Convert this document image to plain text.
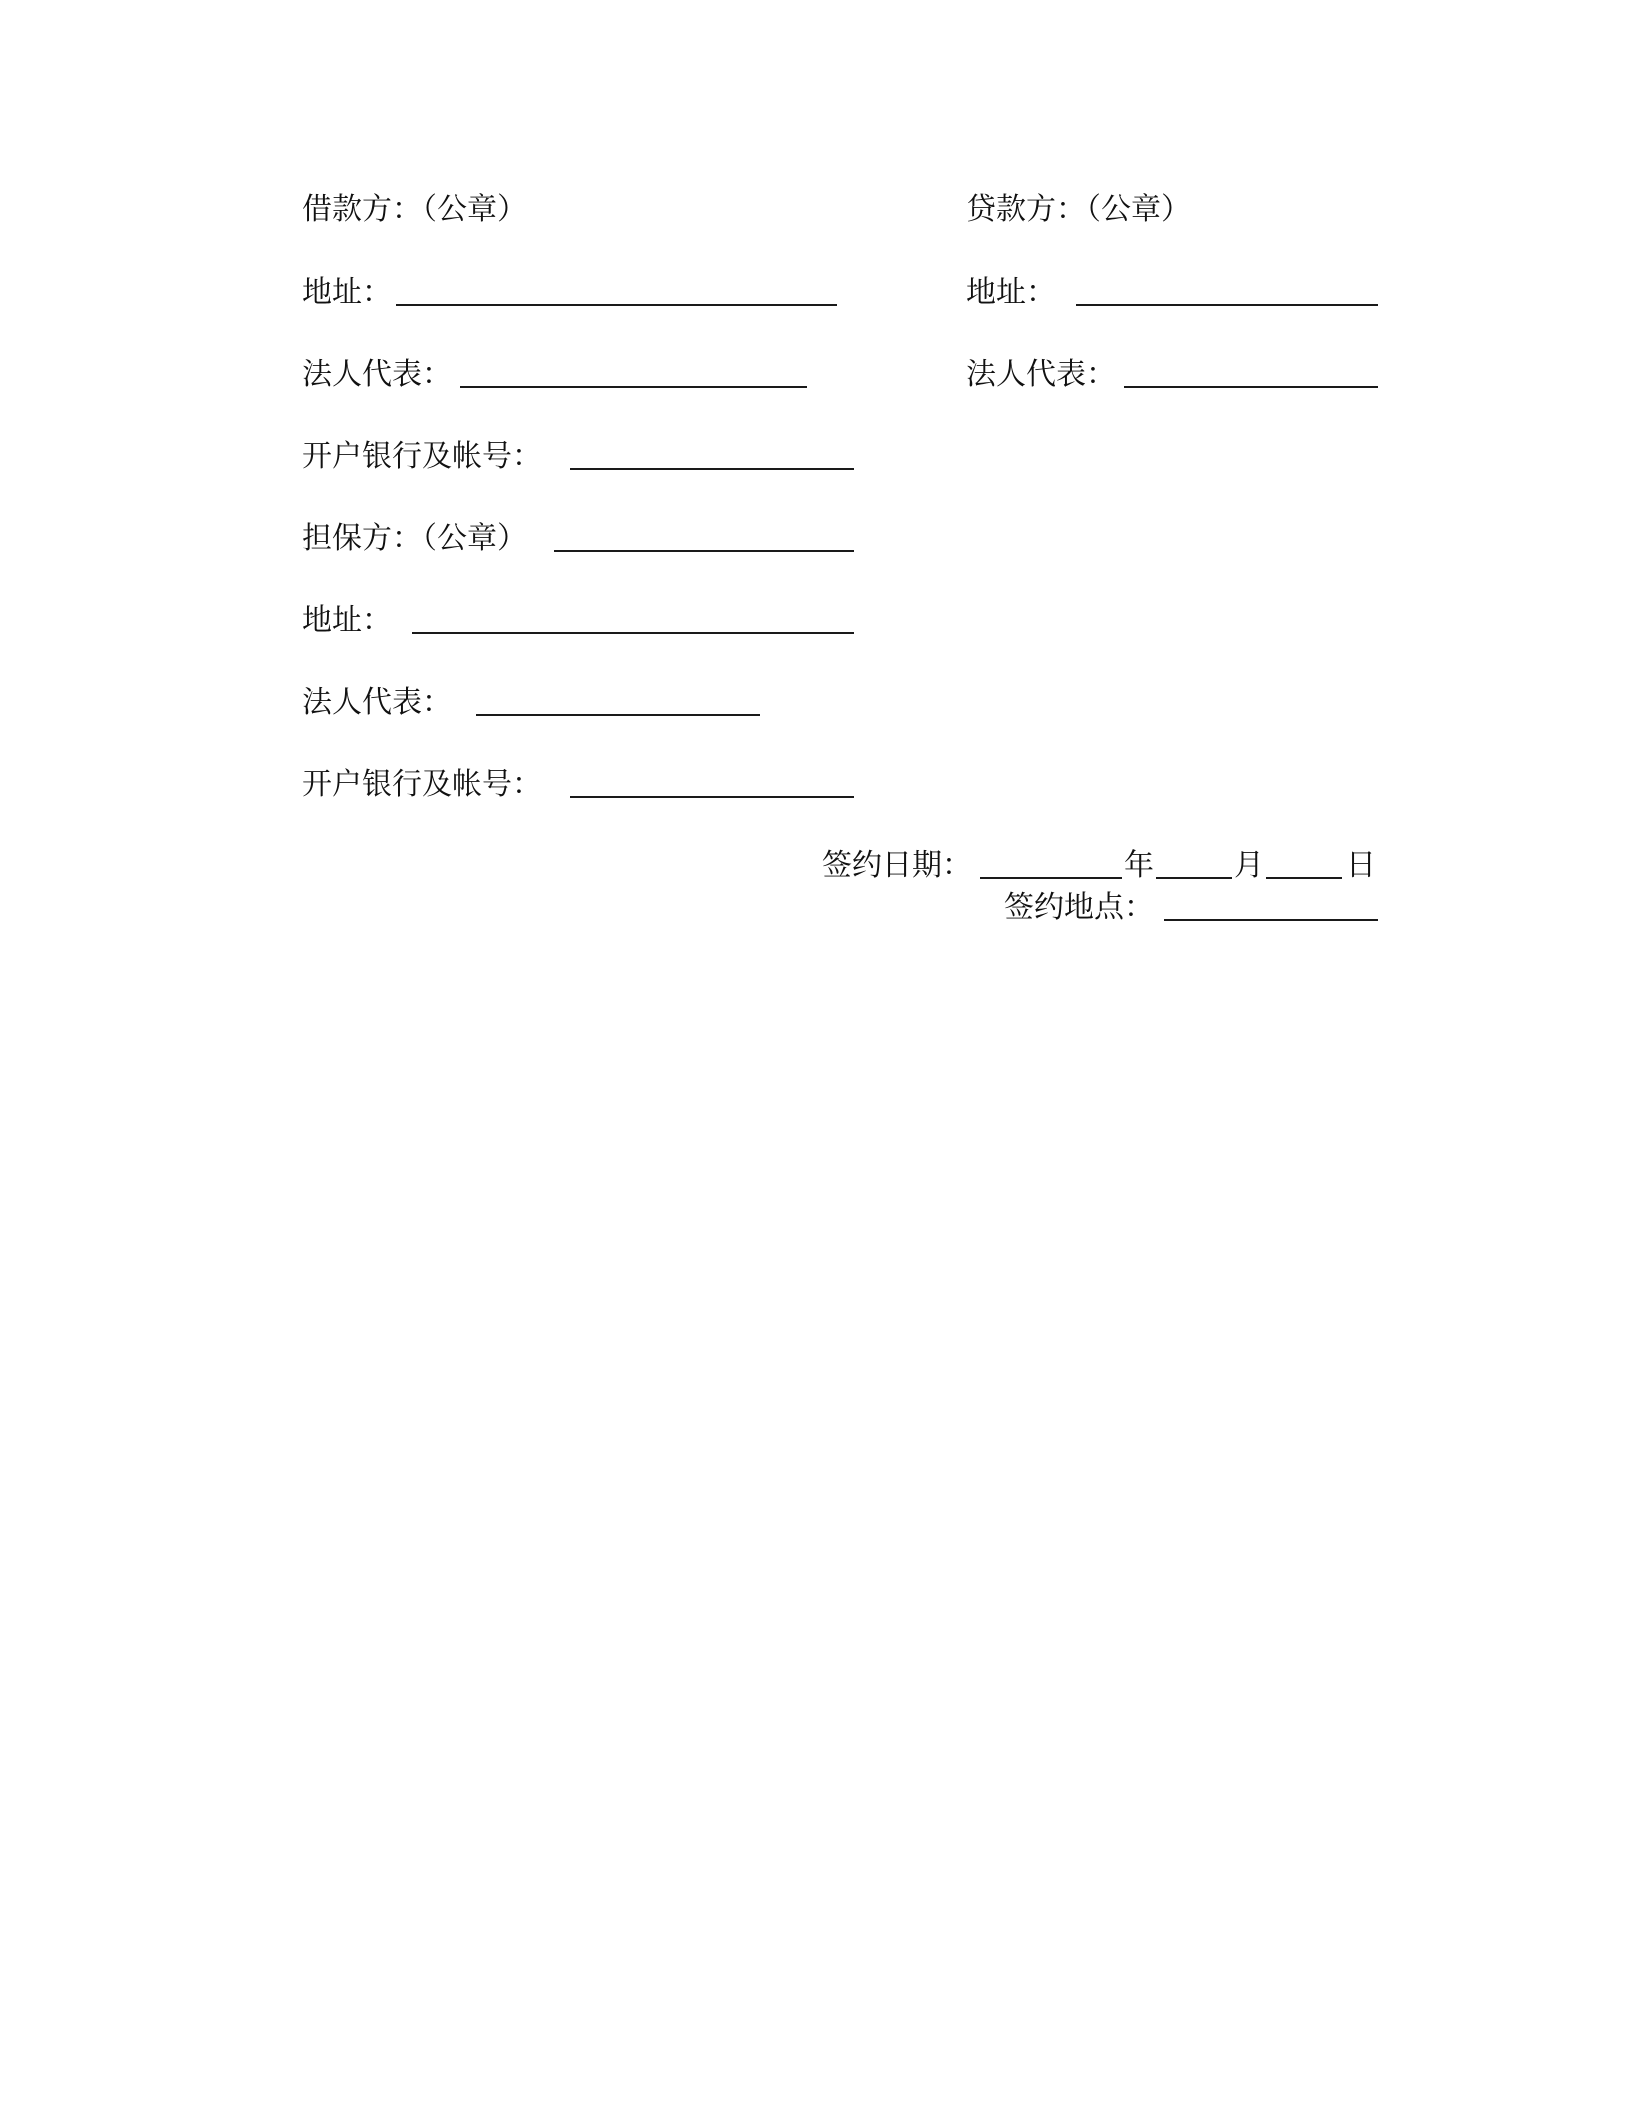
借款方：（公章）
地址：
法人代表：
开户银行及帐号：
贷款方：（公章）
地址：
法人代表：
担保方：（公章）
地址：
法人代表：
开户银行及帐号：
签约日期：	年	月	日
签约地点：
